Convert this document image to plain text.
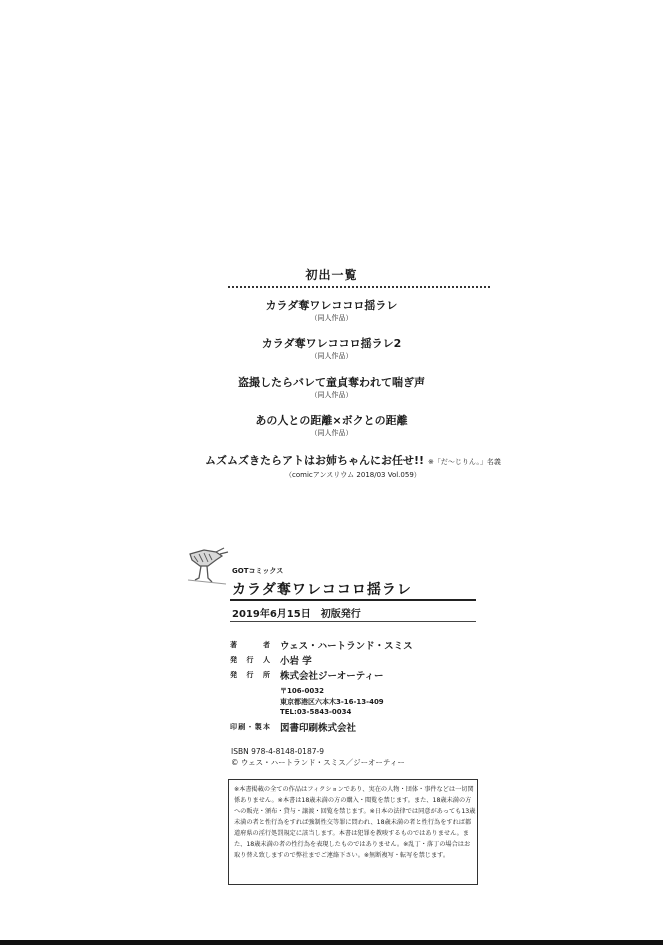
初出一覧
カラダ奪ワレココロ揺ラレ
（同人作品）
カラダ奪ワレココロ揺ラレ2
（同人作品）
盗撮したらバレて童貞奪われて喘ぎ声
（同人作品）
あの人との距離×ボクとの距離
（同人作品）
ムズムズきたらアトはお姉ちゃんにお任せ!! ※「だ〜じりん。」名義
（comicアンスリウム 2018/03 Vol.059）
GOTコミックス
カラダ奪ワレココロ揺ラレ
2019年6月15日　初版発行
著者 ウェス・ハートランド・スミス
発行人 小岩 学
発行所 株式会社ジーオーティー
〒106-0032
東京都港区六本木3-16-13-409
TEL:03-5843-0034
印刷・製本 図書印刷株式会社
ISBN 978-4-8148-0187-9
© ウェス・ハートランド・スミス／ジーオーティー
※本書掲載の全ての作品はフィクションであり、実在の人物・団体・事件などは一切関係ありません。※本書は18歳未満の方の購入・閲覧を禁じます。また、18歳未満の方への販売・頒布・貸与・譲渡・回覧を禁じます。※日本の法律では同意があっても13歳未満の者と性行為をすれば強制性交等罪に問われ、18歳未満の者と性行為をすれば都道府県の淫行処罰規定に該当します。本書は犯罪を教唆するものではありません。また、18歳未満の者の性行為を表現したものではありません。※乱丁・落丁の場合はお取り替え致しますので弊社までご連絡下さい。※無断複写・転写を禁じます。
